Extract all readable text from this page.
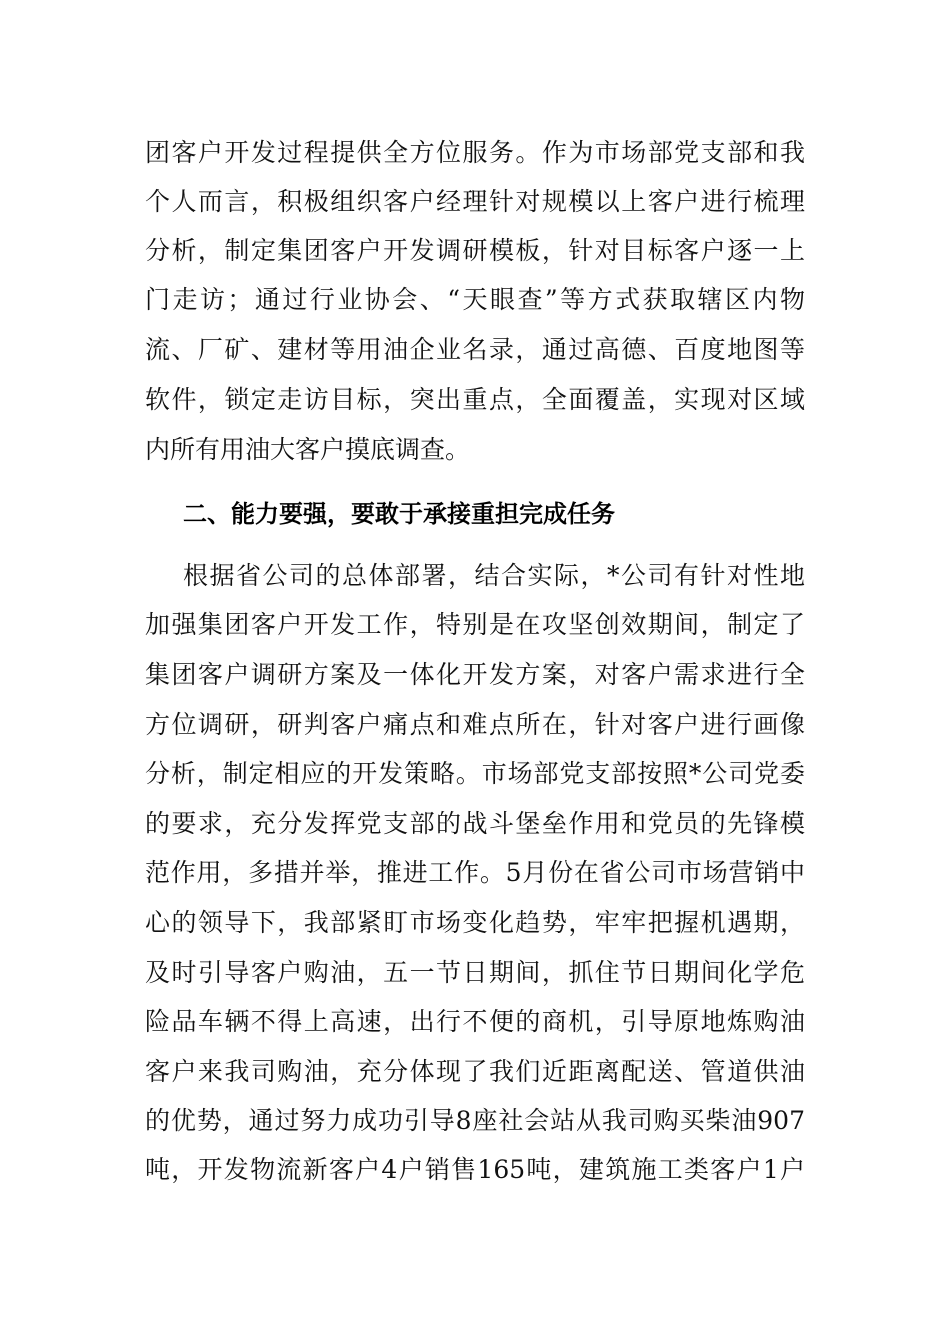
团客户开发过程提供全方位服务。作为市场部党支部和我
个人而言，积极组织客户经理针对规模以上客户进行梳理
分析，制定集团客户开发调研模板，针对目标客户逐一上
门走访；通过行业协会、“天眼查”等方式获取辖区内物
流、厂矿、建材等用油企业名录，通过高德、百度地图等
软件，锁定走访目标，突出重点，全面覆盖，实现对区域
内所有用油大客户摸底调查。
二、能力要强，要敢于承接重担完成任务
根据省公司的总体部署，结合实际，*公司有针对性地
加强集团客户开发工作，特别是在攻坚创效期间，制定了
集团客户调研方案及一体化开发方案，对客户需求进行全
方位调研，研判客户痛点和难点所在，针对客户进行画像
分析，制定相应的开发策略。市场部党支部按照*公司党委
的要求，充分发挥党支部的战斗堡垒作用和党员的先锋模
范作用，多措并举，推进工作。5月份在省公司市场营销中
心的领导下，我部紧盯市场变化趋势，牢牢把握机遇期，
及时引导客户购油，五一节日期间，抓住节日期间化学危
险品车辆不得上高速，出行不便的商机，引导原地炼购油
客户来我司购油，充分体现了我们近距离配送、管道供油
的优势，通过努力成功引导8座社会站从我司购买柴油907
吨，开发物流新客户4户销售165吨，建筑施工类客户1户
